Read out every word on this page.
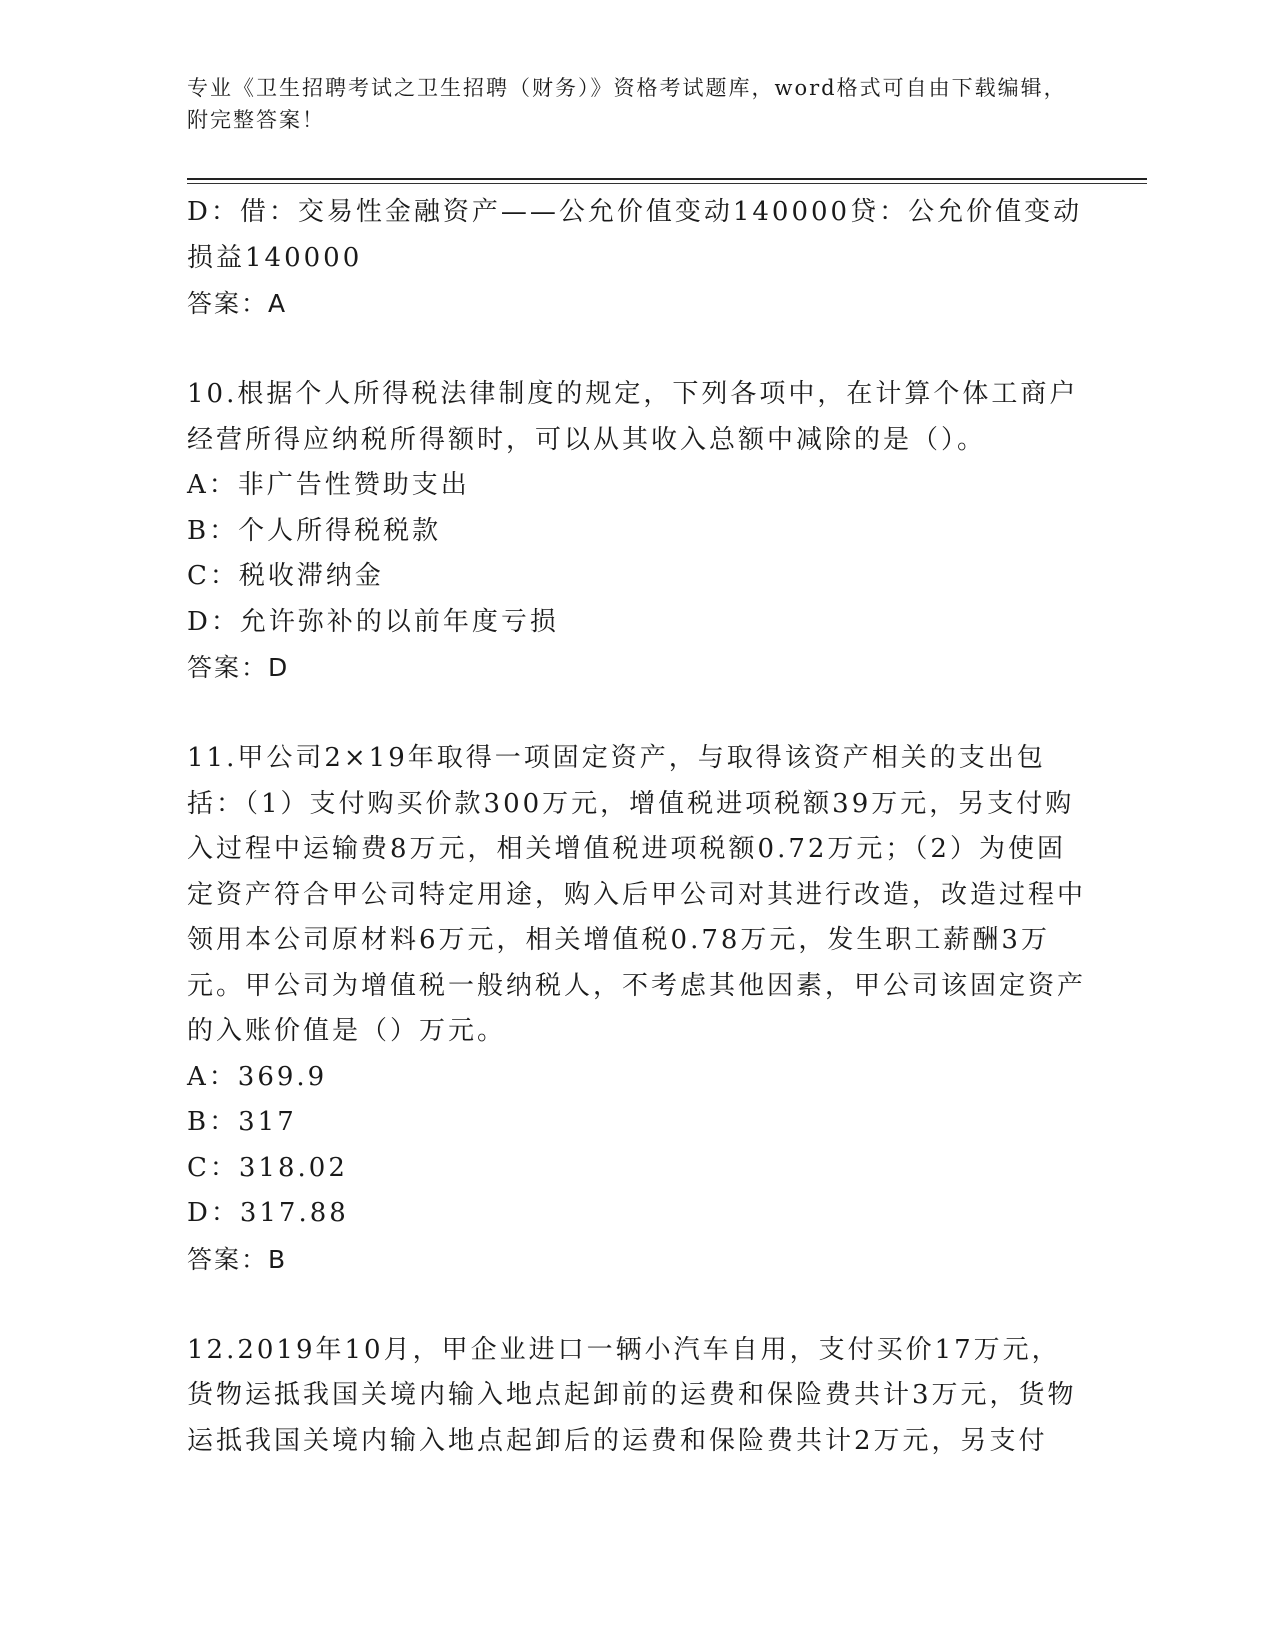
专业《卫生招聘考试之卫生招聘（财务）》资格考试题库，word格式可自由下载编辑，附完整答案！

D：借：交易性金融资产——公允价值变动140000贷：公允价值变动损益140000

答案：A

10.根据个人所得税法律制度的规定，下列各项中，在计算个体工商户经营所得应纳税所得额时，可以从其收入总额中减除的是（）。

A：非广告性赞助支出

B：个人所得税税款

C：税收滞纳金

D：允许弥补的以前年度亏损

答案：D

11.甲公司2×19年取得一项固定资产，与取得该资产相关的支出包括：（1）支付购买价款300万元，增值税进项税额39万元，另支付购入过程中运输费8万元，相关增值税进项税额0.72万元；（2）为使固定资产符合甲公司特定用途，购入后甲公司对其进行改造，改造过程中领用本公司原材料6万元，相关增值税0.78万元，发生职工薪酬3万元。甲公司为增值税一般纳税人，不考虑其他因素，甲公司该固定资产的入账价值是（）万元。

A：369.9

B：317

C：318.02

D：317.88

答案：B

12.2019年10月，甲企业进口一辆小汽车自用，支付买价17万元，货物运抵我国关境内输入地点起卸前的运费和保险费共计3万元，货物运抵我国关境内输入地点起卸后的运费和保险费共计2万元，另支付
